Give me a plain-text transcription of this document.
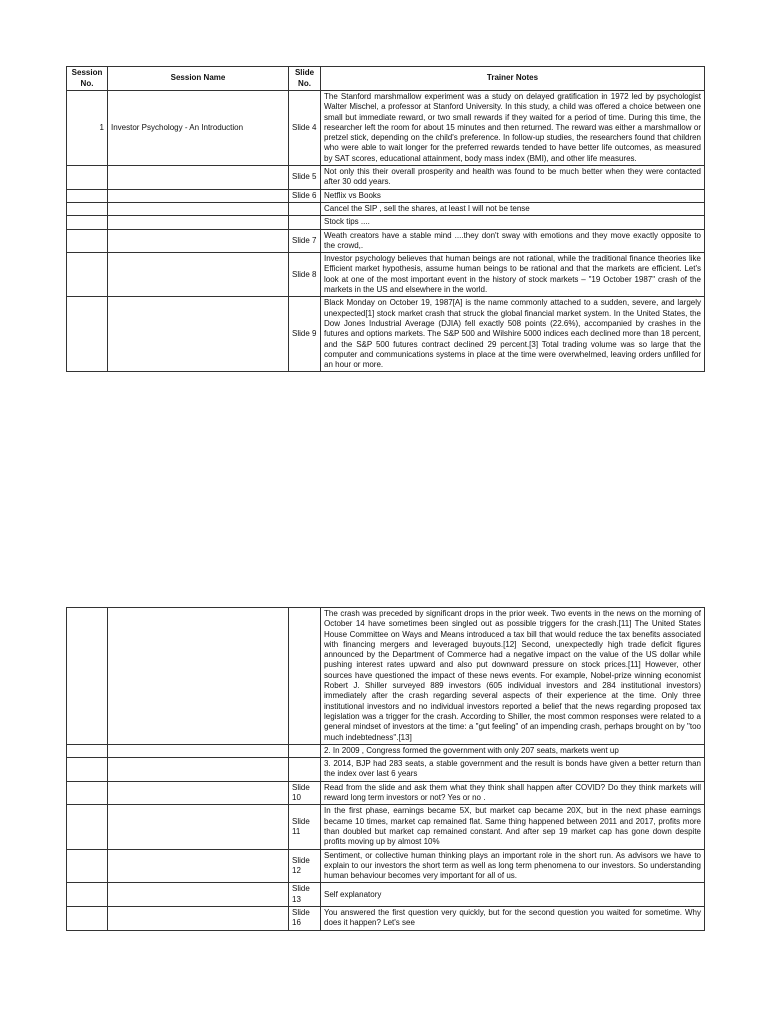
Session No.	Session Name	Slide No.	Trainer Notes
1	Investor Psychology - An Introduction	Slide 4	The Stanford marshmallow experiment was a study on delayed gratification in 1972 led by psychologist Walter Mischel, a professor at Stanford University. In this study, a child was offered a choice between one small but immediate reward, or two small rewards if they waited for a period of time. During this time, the researcher left the room for about 15 minutes and then returned. The reward was either a marshmallow or pretzel stick, depending on the child's preference. In follow-up studies, the researchers found that children who were able to wait longer for the preferred rewards tended to have better life outcomes, as measured by SAT scores, educational attainment, body mass index (BMI), and other life measures.
		Slide 5	Not only this their overall prosperity and health was found to be much better when they were contacted after 30 odd years.
		Slide 6	Netflix vs Books
			Cancel the SIP , sell the shares, at least I will not be tense
			Stock tips ....
		Slide 7	Weath creators have a stable mind ....they don't sway with emotions and they move exactly opposite to the crowd,.
		Slide 8	Investor psychology believes that human beings are not rational, while the traditional finance theories like Efficient market hypothesis, assume human beings to be rational and that the markets are efficient. Let's look at one of the most important event in the history of stock markets – "19 October 1987" crash of the markets in the US and elsewhere in the world.
		Slide 9	Black Monday on October 19, 1987[A] is the name commonly attached to a sudden, severe, and largely unexpected[1] stock market crash that struck the global financial market system. In the United States, the Dow Jones Industrial Average (DJIA) fell exactly 508 points (22.6%), accompanied by crashes in the futures and options markets. The S&P 500 and Wilshire 5000 indices each declined more than 18 percent, and the S&P 500 futures contract declined 29 percent.[3] Total trading volume was so large that the computer and communications systems in place at the time were overwhelmed, leaving orders unfilled for an hour or more.
			The crash was preceded by significant drops in the prior week. Two events in the news on the morning of October 14 have sometimes been singled out as possible triggers for the crash.[11] The United States House Committee on Ways and Means introduced a tax bill that would reduce the tax benefits associated with financing mergers and leveraged buyouts.[12] Second, unexpectedly high trade deficit figures announced by the Department of Commerce had a negative impact on the value of the US dollar while pushing interest rates upward and also put downward pressure on stock prices.[11] However, other sources have questioned the impact of these news events. For example, Nobel-prize winning economist Robert J. Shiller surveyed 889 investors (605 individual investors and 284 institutional investors) immediately after the crash regarding several aspects of their experience at the time. Only three institutional investors and no individual investors reported a belief that the news regarding proposed tax legislation was a trigger for the crash. According to Shiller, the most common responses were related to a general mindset of investors at the time: a "gut feeling" of an impending crash, perhaps brought on by "too much indebtedness".[13]
			2. In 2009 , Congress formed the government with only 207 seats, markets went up
			3. 2014, BJP had 283 seats, a stable government and the result is bonds have given a better return than the index over last 6 years
		Slide 10	Read from the slide and ask them what they think shall happen after COVID? Do they think markets will reward long term investors or not? Yes or no .
		Slide 11	In the first phase, earnings became 5X, but market cap became 20X, but in the next phase earnings became 10 times, market cap remained flat. Same thing happened between 2011 and 2017, profits more than doubled but market cap remained constant. And after sep 19 market cap has gone down despite profits moving up by almost 10%
		Slide 12	Sentiment, or collective human thinking plays an important role in the short run. As advisors we have to explain to our investors the short term as well as long term phenomena to our investors. So understanding human behaviour becomes very important for all of us.
		Slide 13	Self explanatory
		Slide 16	You answered the first question very quickly, but for the second question you waited for sometime. Why does it happen? Let's see
